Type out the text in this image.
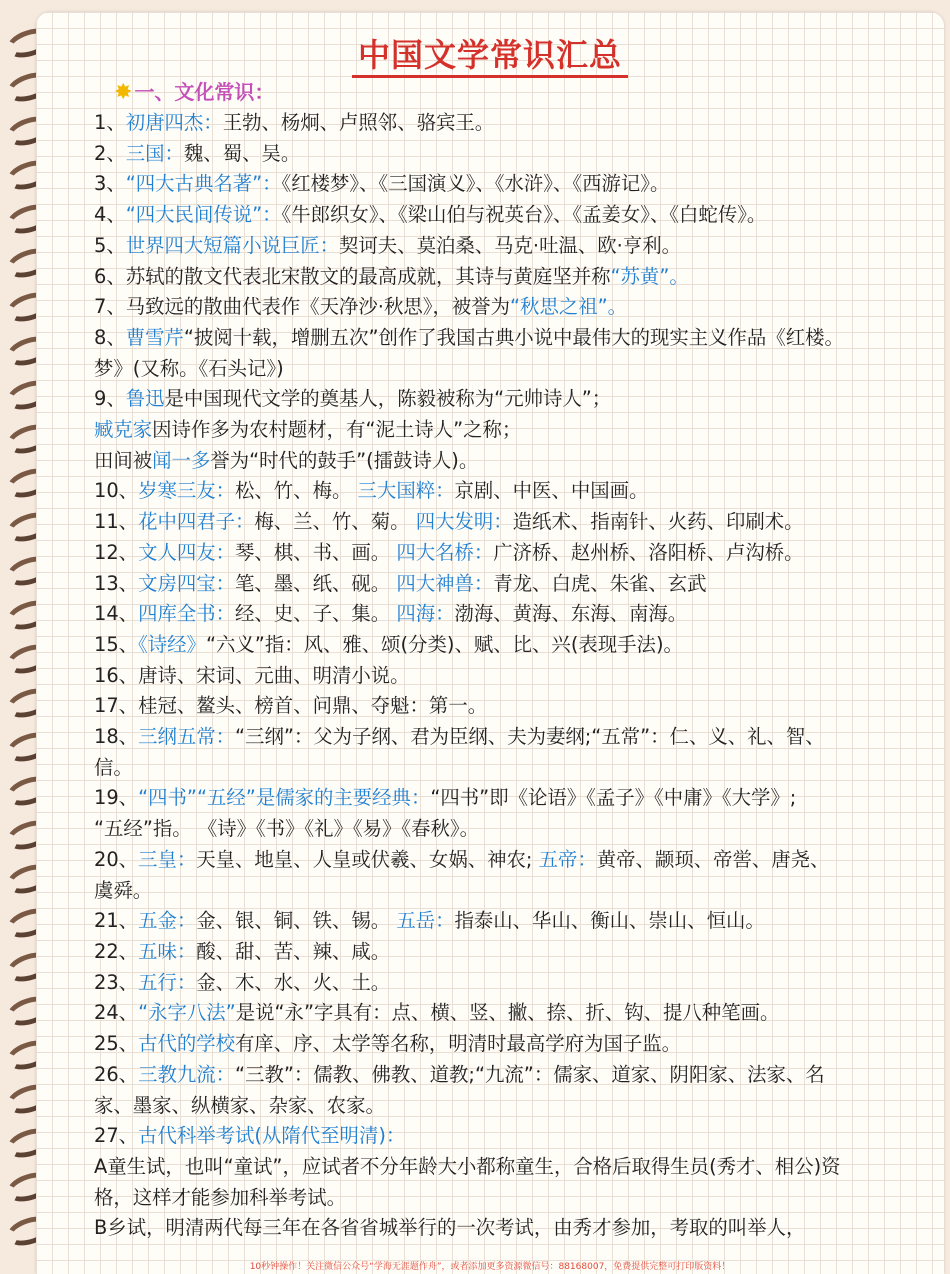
中国文学常识汇总
✸ 一、文化常识：
1、初唐四杰：王勃、杨炯、卢照邻、骆宾王。
2、三国：魏、蜀、吴。
3、“四大古典名著”：《红楼梦》、《三国演义》、《水浒》、《西游记》。
4、“四大民间传说”：《牛郎织女》、《梁山伯与祝英台》、《孟姜女》、《白蛇传》。
5、世界四大短篇小说巨匠：契诃夫、莫泊桑、马克·吐温、欧·亨利。
6、苏轼的散文代表北宋散文的最高成就，其诗与黄庭坚并称“苏黄”。
7、马致远的散曲代表作《天净沙·秋思》，被誉为“秋思之祖”。
8、曹雪芹“披阅十载，增删五次”创作了我国古典小说中最伟大的现实主义作品《红楼。
梦》(又称。《石头记》)
9、鲁迅是中国现代文学的奠基人，陈毅被称为“元帅诗人”；
臧克家因诗作多为农村题材，有“泥土诗人”之称；
田间被闻一多誉为“时代的鼓手”(擂鼓诗人)。
10、岁寒三友：松、竹、梅。 三大国粹：京剧、中医、中国画。
11、花中四君子：梅、兰、竹、菊。 四大发明：造纸术、指南针、火药、印刷术。
12、文人四友：琴、棋、书、画。 四大名桥：广济桥、赵州桥、洛阳桥、卢沟桥。
13、文房四宝：笔、墨、纸、砚。 四大神兽：青龙、白虎、朱雀、玄武
14、四库全书：经、史、子、集。 四海：渤海、黄海、东海、南海。
15、《诗经》“六义”指：风、雅、颂(分类)、赋、比、兴(表现手法)。
16、唐诗、宋词、元曲、明清小说。
17、桂冠、鳌头、榜首、问鼎、夺魁：第一。
18、三纲五常：“三纲”：父为子纲、君为臣纲、夫为妻纲;“五常”：仁、义、礼、智、
信。
19、“四书”“五经”是儒家的主要经典：“四书”即《论语》《孟子》《中庸》《大学》;
“五经”指。 《诗》《书》《礼》《易》《春秋》。
20、三皇：天皇、地皇、人皇或伏羲、女娲、神农; 五帝：黄帝、颛顼、帝喾、唐尧、
虞舜。
21、五金：金、银、铜、铁、锡。 五岳：指泰山、华山、衡山、崇山、恒山。
22、五味：酸、甜、苦、辣、咸。
23、五行：金、木、水、火、土。
24、“永字八法”是说“永”字具有：点、横、竖、撇、捺、折、钩、提八种笔画。
25、古代的学校有庠、序、太学等名称，明清时最高学府为国子监。
26、三教九流：“三教”：儒教、佛教、道教;“九流”：儒家、道家、阴阳家、法家、名
家、墨家、纵横家、杂家、农家。
27、古代科举考试(从隋代至明清)：
A童生试，也叫“童试”，应试者不分年龄大小都称童生，合格后取得生员(秀才、相公)资
格，这样才能参加科举考试。
B乡试，明清两代每三年在各省省城举行的一次考试，由秀才参加，考取的叫举人，
10秒钟操作！关注微信公众号“学海无涯题作舟”，或者添加更多资源微信号：88168007，免费提供完整可打印版资料！
